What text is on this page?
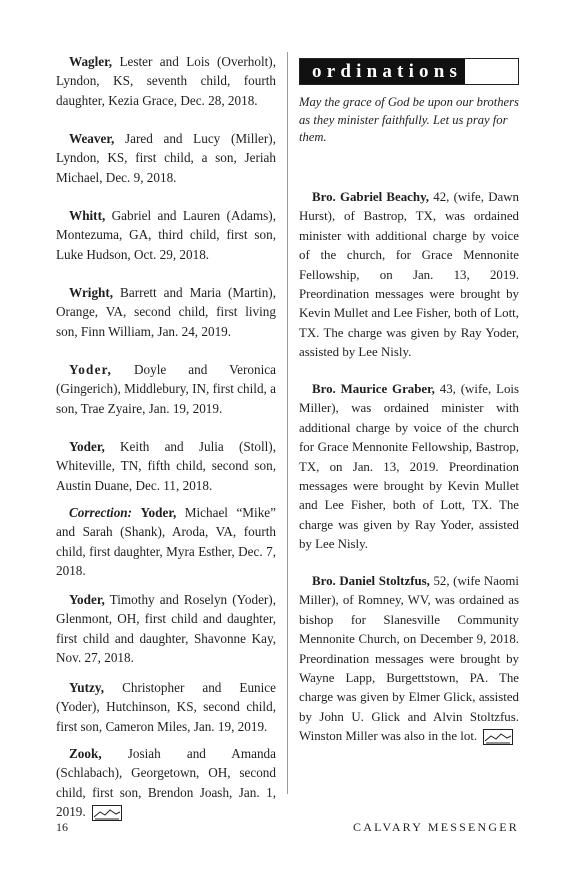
Wagler, Lester and Lois (Overholt), Lyndon, KS, seventh child, fourth daughter, Kezia Grace, Dec. 28, 2018.

Weaver, Jared and Lucy (Miller), Lyndon, KS, first child, a son, Jeriah Michael, Dec. 9, 2018.

Whitt, Gabriel and Lauren (Adams), Montezuma, GA, third child, first son, Luke Hudson, Oct. 29, 2018.

Wright, Barrett and Maria (Martin), Orange, VA, second child, first living son, Finn William, Jan. 24, 2019.

Yoder, Doyle and Veronica (Gingerich), Middlebury, IN, first child, a son, Trae Zyaire, Jan. 19, 2019.

Yoder, Keith and Julia (Stoll), Whiteville, TN, fifth child, second son, Austin Duane, Dec. 11, 2018.

Correction: Yoder, Michael “Mike” and Sarah (Shank), Aroda, VA, fourth child, first daughter, Myra Esther, Dec. 7, 2018.

Yoder, Timothy and Roselyn (Yoder), Glenmont, OH, first child and daughter, first child and daughter, Shavonne Kay, Nov. 27, 2018.

Yutzy, Christopher and Eunice (Yoder), Hutchinson, KS, second child, first son, Cameron Miles, Jan. 19, 2019.

Zook, Josiah and Amanda (Schlabach), Georgetown, OH, second child, first son, Brendon Joash, Jan. 1, 2019.

ordinations

May the grace of God be upon our brothers as they minister faithfully. Let us pray for them.

Bro. Gabriel Beachy, 42, (wife, Dawn Hurst), of Bastrop, TX, was ordained minister with additional charge by voice of the church, for Grace Mennonite Fellowship, on Jan. 13, 2019. Preordination messages were brought by Kevin Mullet and Lee Fisher, both of Lott, TX. The charge was given by Ray Yoder, assisted by Lee Nisly.

Bro. Maurice Graber, 43, (wife, Lois Miller), was ordained minister with additional charge by voice of the church for Grace Mennonite Fellowship, Bastrop, TX, on Jan. 13, 2019. Preordination messages were brought by Kevin Mullet and Lee Fisher, both of Lott, TX. The charge was given by Ray Yoder, assisted by Lee Nisly.

Bro. Daniel Stoltzfus, 52, (wife Naomi Miller), of Romney, WV, was ordained as bishop for Slanesville Community Mennonite Church, on December 9, 2018. Preordination messages were brought by Wayne Lapp, Burgettstown, PA. The charge was given by Elmer Glick, assisted by John U. Glick and Alvin Stoltzfus. Winston Miller was also in the lot.

16	CALVARY MESSENGER
